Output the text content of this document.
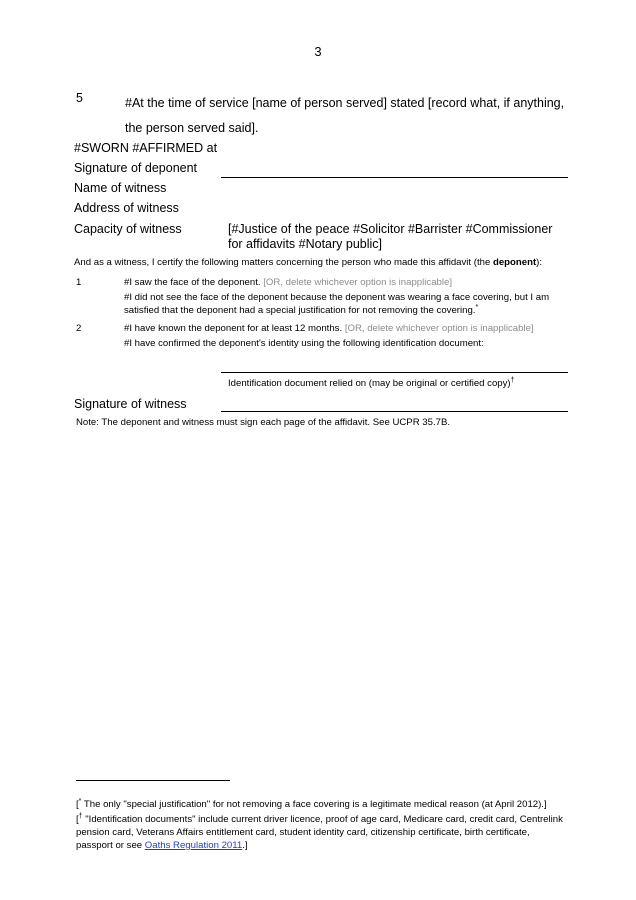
3
5	#At the time of service [name of person served] stated [record what, if anything, the person served said].
#SWORN #AFFIRMED at
Signature of deponent
Name of witness
Address of witness
Capacity of witness	[#Justice of the peace #Solicitor #Barrister #Commissioner for affidavits #Notary public]
And as a witness, I certify the following matters concerning the person who made this affidavit (the deponent):
1	#I saw the face of the deponent. [OR, delete whichever option is inapplicable]
#I did not see the face of the deponent because the deponent was wearing a face covering, but I am satisfied that the deponent had a special justification for not removing the covering.*
2	#I have known the deponent for at least 12 months. [OR, delete whichever option is inapplicable]
#I have confirmed the deponent's identity using the following identification document:
Identification document relied on (may be original or certified copy)†
Signature of witness
Note: The deponent and witness must sign each page of the affidavit. See UCPR 35.7B.
[* The only "special justification" for not removing a face covering is a legitimate medical reason (at April 2012).]
[† "Identification documents" include current driver licence, proof of age card, Medicare card, credit card, Centrelink pension card, Veterans Affairs entitlement card, student identity card, citizenship certificate, birth certificate, passport or see Oaths Regulation 2011.]
